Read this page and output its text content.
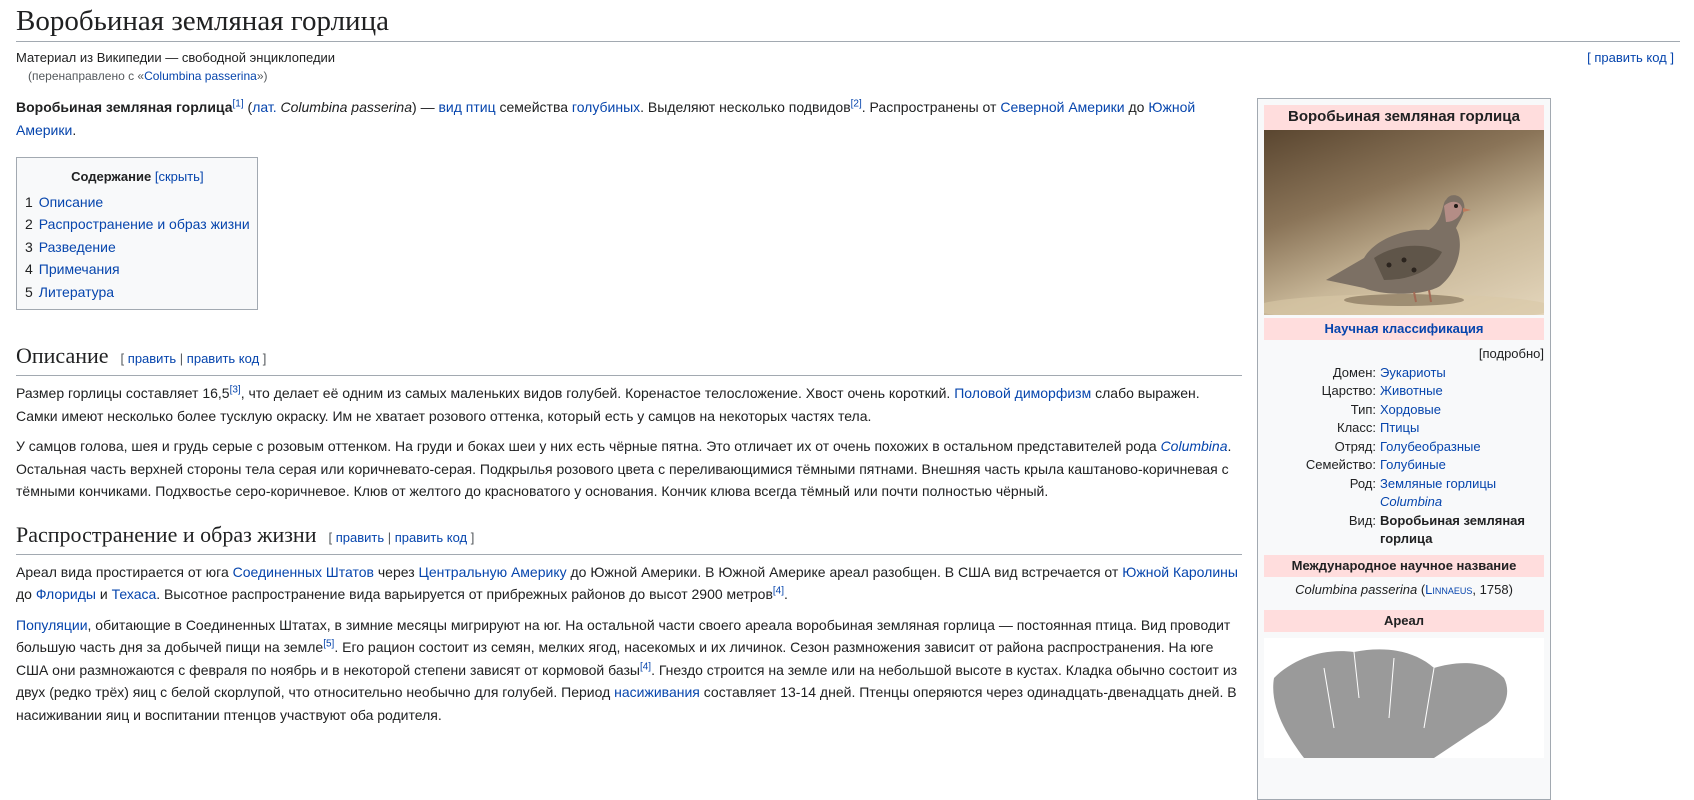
Воробьиная земляная горлица
Материал из Википедии — свободной энциклопедии	[ править код ]
(перенаправлено с «Columbina passerina»)

Воробьиная земляная горлица[1] (лат. Columbina passerina) — вид птиц семейства голубиных. Выделяют несколько подвидов[2]. Распространены от Северной Америки до Южной Америки.

Содержание [скрыть]
1 Описание
2 Распространение и образ жизни
3 Разведение
4 Примечания
5 Литература
Описание [ править | править код ]

Размер горлицы составляет 16,5[3], что делает её одним из самых маленьких видов голубей. Коренастое телосложение. Хвост очень короткий. Половой диморфизм слабо выражен. Самки имеют несколько более тусклую окраску. Им не хватает розового оттенка, который есть у самцов на некоторых частях тела.

У самцов голова, шея и грудь серые с розовым оттенком. На груди и боках шеи у них есть чёрные пятна. Это отличает их от очень похожих в остальном представителей рода Columbina. Остальная часть верхней стороны тела серая или коричневато-серая. Подкрылья розового цвета с переливающимися тёмными пятнами. Внешняя часть крыла каштаново-коричневая с тёмными кончиками. Подхвостье серо-коричневое. Клюв от желтого до красноватого у основания. Кончик клюва всегда тёмный или почти полностью чёрный.

Распространение и образ жизни [ править | править код ]

Ареал вида простирается от юга Соединенных Штатов через Центральную Америку до Южной Америки. В Южной Америке ареал разобщен. В США вид встречается от Южной Каролины до Флориды и Техаса. Высотное распространение вида варьируется от прибрежных районов до высот 2900 метров[4].

Популяции, обитающие в Соединенных Штатах, в зимние месяцы мигрируют на юг. На остальной части своего ареала воробьиная земляная горлица — постоянная птица. Вид проводит большую часть дня за добычей пищи на земле[5]. Его рацион состоит из семян, мелких ягод, насекомых и их личинок. Сезон размножения зависит от района распространения. На юге США они размножаются с февраля по ноябрь и в некоторой степени зависят от кормовой базы[4]. Гнездо строится на земле или на небольшой высоте в кустах. Кладка обычно состоит из двух (редко трёх) яиц с белой скорлупой, что относительно необычно для голубей. Период насиживания составляет 13-14 дней. Птенцы оперяются через одинадцать-двенадцать дней. В насиживании яиц и воспитании птенцов участвуют оба родителя.

Воробьиная земляная горлица
Научная классификация
[подробно]
Домен: Эукариоты
Царство: Животные
Тип: Хордовые
Класс: Птицы
Отряд: Голубеобразные
Семейство: Голубиные
Род: Земляные горлицы
Columbina
Вид: Воробьиная земляная горлица
Международное научное название
Columbina passerina (Linnaeus, 1758)
Ареал
